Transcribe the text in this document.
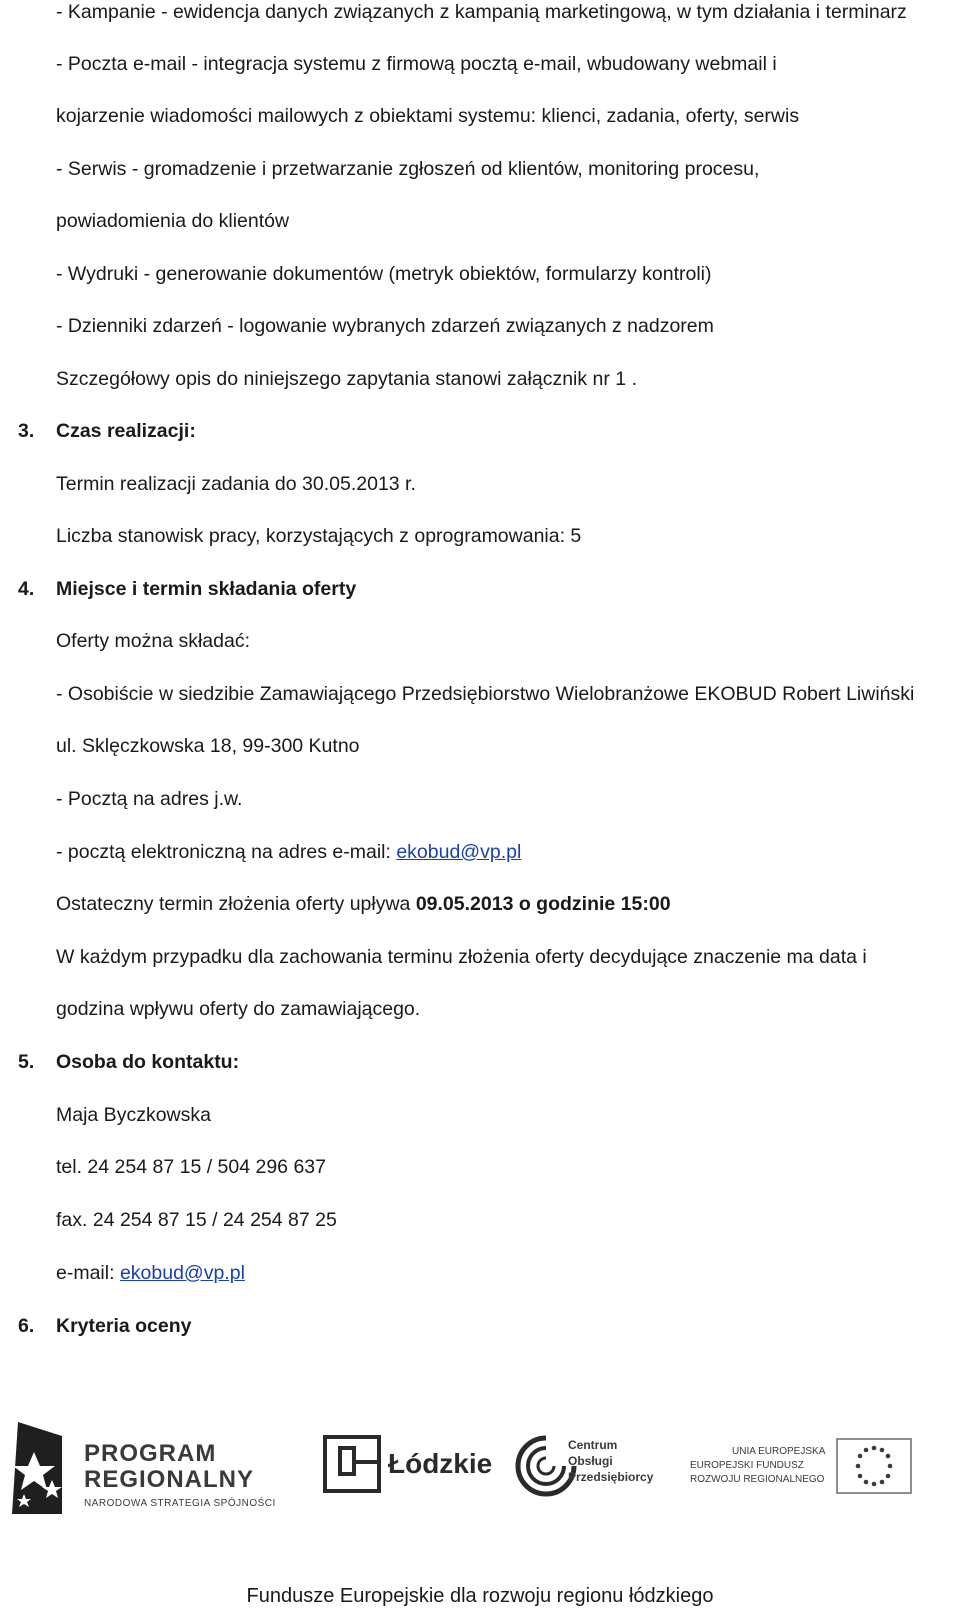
- Kampanie - ewidencja danych związanych z kampanią marketingową, w tym działania i terminarz

- Poczta e-mail - integracja systemu z firmową pocztą e-mail, wbudowany webmail i

kojarzenie wiadomości mailowych z obiektami systemu: klienci, zadania, oferty, serwis

- Serwis - gromadzenie i przetwarzanie zgłoszeń od klientów, monitoring procesu,

powiadomienia do klientów

- Wydruki - generowanie dokumentów (metryk obiektów, formularzy kontroli)

- Dzienniki zdarzeń - logowanie wybranych zdarzeń związanych z nadzorem

Szczegółowy opis do niniejszego zapytania stanowi załącznik nr 1 .

3. Czas realizacji:

Termin realizacji zadania do 30.05.2013 r.

Liczba stanowisk pracy, korzystających z oprogramowania: 5

4. Miejsce i termin składania oferty

Oferty można składać:

- Osobiście w siedzibie Zamawiającego Przedsiębiorstwo Wielobranżowe EKOBUD Robert Liwiński

ul. Sklęczkowska 18, 99-300 Kutno

- Pocztą na adres j.w.

- pocztą elektroniczną na adres e-mail: ekobud@vp.pl

Ostateczny termin złożenia oferty upływa 09.05.2013 o godzinie 15:00

W każdym przypadku dla zachowania terminu złożenia oferty decydujące znaczenie ma data i

godzina wpływu oferty do zamawiającego.

5. Osoba do kontaktu:

Maja Byczkowska

tel. 24 254 87 15 / 504 296 637

fax. 24 254 87 15 / 24 254 87 25

e-mail: ekobud@vp.pl

6. Kryteria oceny

PROGRAM
REGIONALNY
NARODOWA STRATEGIA SPÓJNOŚCI
Łódzkie
Centrum
Obsługi
Przedsiębiorcy
UNIA EUROPEJSKA
EUROPEJSKI FUNDUSZ
ROZWOJU REGIONALNEGO
Fundusze Europejskie dla rozwoju regionu łódzkiego
